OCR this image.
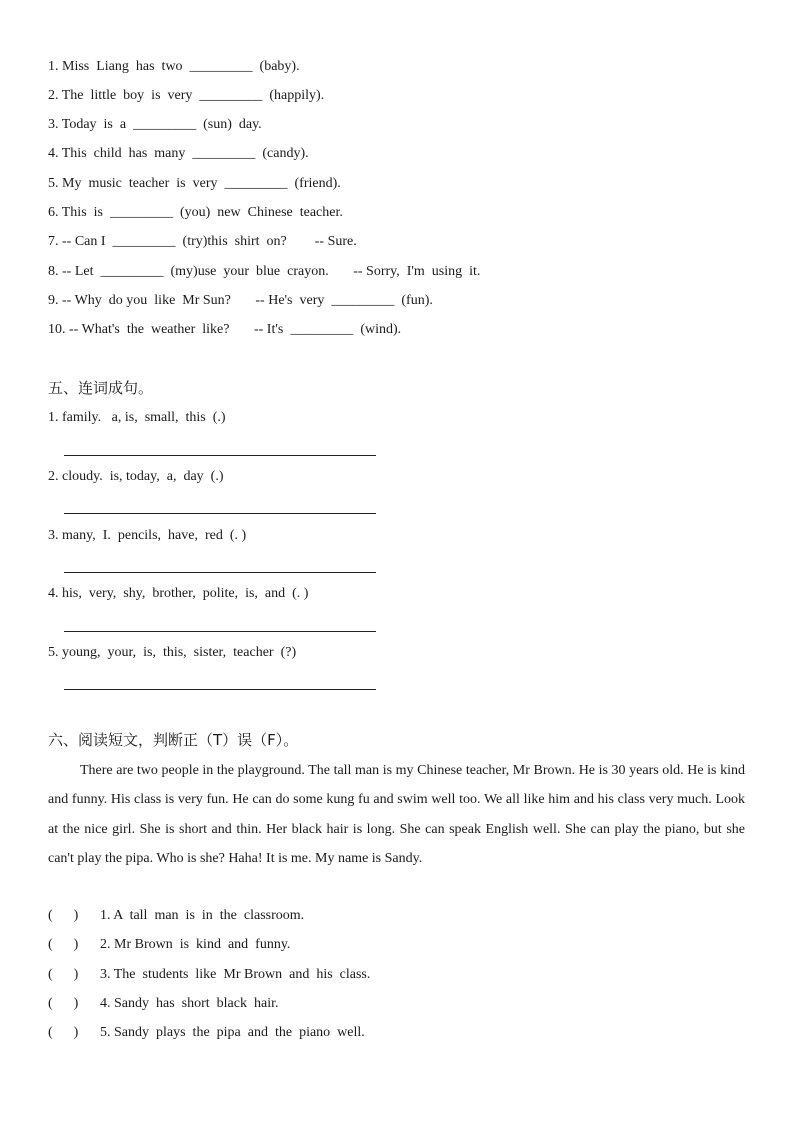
1. Miss  Liang  has  two  _________  (baby).
2. The  little  boy  is  very  _________  (happily).
3. Today  is  a  _________  (sun)  day.
4. This  child  has  many  _________  (candy).
5. My  music  teacher  is  very  _________  (friend).
6. This  is  _________  (you)  new  Chinese  teacher.
7. -- Can I  _________  (try)this  shirt  on?        -- Sure.
8. -- Let  _________  (my)use  your  blue  crayon.       -- Sorry,  I'm  using  it.
9. -- Why  do you  like  Mr Sun?       -- He's  very  _________  (fun).
10. -- What's  the  weather  like?       -- It's  _________  (wind).
五、连词成句。
1. family.   a, is,  small,  this  (.)
2. cloudy.  is, today,  a,  day  (.)
3. many,  I.  pencils,  have,  red  (. )
4. his,  very,  shy,  brother,  polite,  is,  and  (. )
5. young,  your,  is,  this,  sister,  teacher  (?)
六、阅读短文，判断正（T）误（F）。
There are two people in the playground. The tall man is my Chinese teacher, Mr Brown. He is 30 years old. He is kind and funny. His class is very fun. He can do some kung fu and swim well too. We all like him and his class very much. Look at the nice girl. She is short and thin. Her black hair is long. She can speak English well. She can play the piano, but she can't play the pipa. Who is she? Haha! It is me. My name is Sandy.
(      ) 1. A  tall  man  is  in  the  classroom.
(      ) 2. Mr Brown  is  kind  and  funny.
(      ) 3. The  students  like  Mr Brown  and  his  class.
(      ) 4. Sandy  has  short  black  hair.
(      ) 5. Sandy  plays  the  pipa  and  the  piano  well.
